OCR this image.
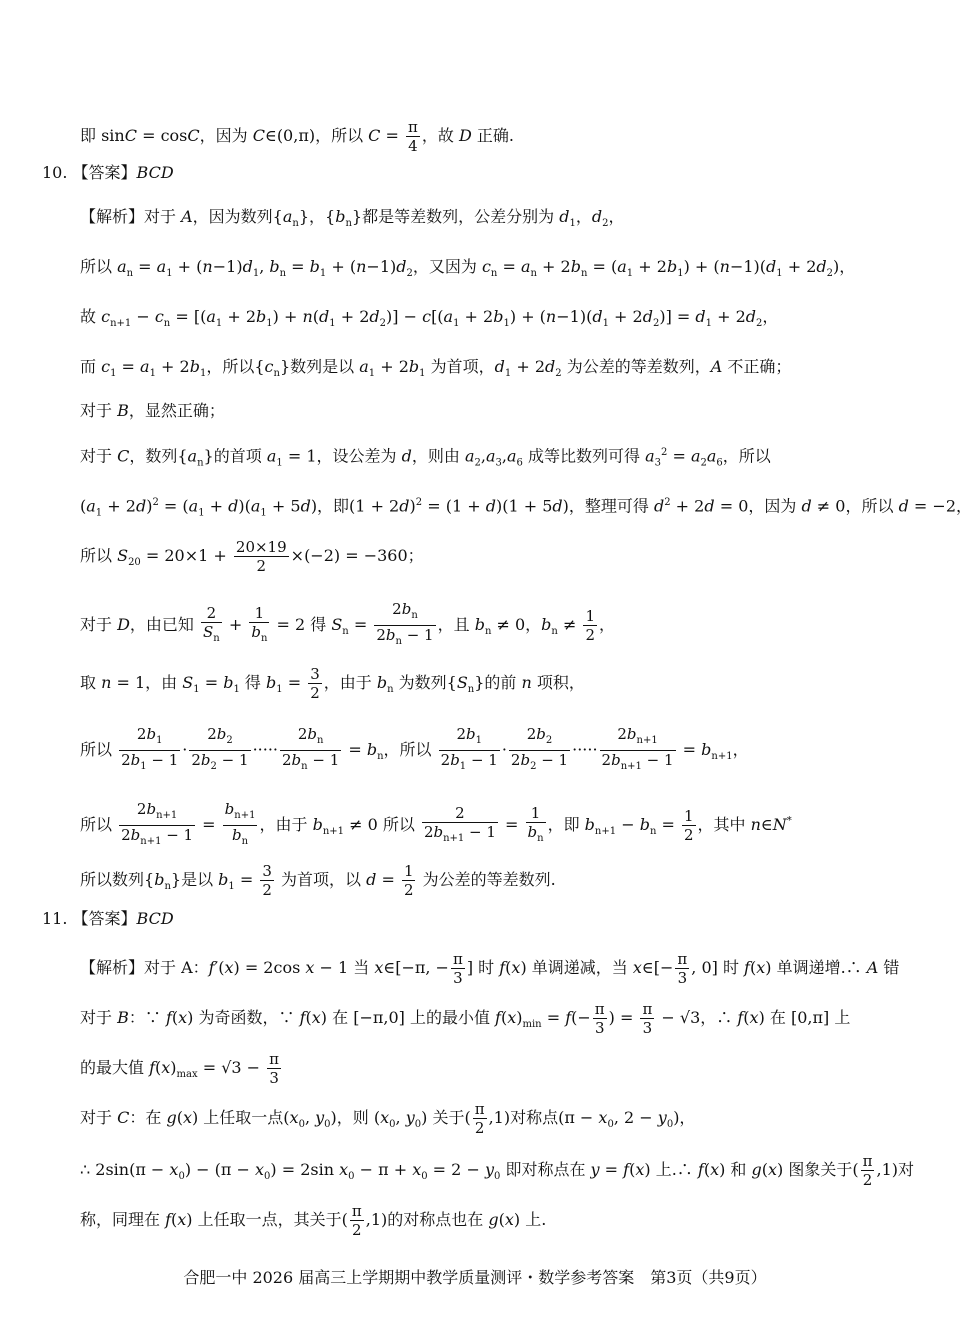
即 sinC = cosC，因为 C∈(0,π)，所以 $C = \frac{\pi}{4}$ ，故 D 正确.
10. 【答案】BCD
【解析】对于 A，因为数列$\{a_n\}$，$\{b_n\}$都是等差数列，公差分别为 $d_1$，$d_2$，
所以 $a_n = a_1 + (n-1)d_1$, $b_n = b_1 + (n-1)d_2$，又因为 $c_n = a_n + 2b_n = (a_1 + 2b_1) + (n-1)(d_1 + 2d_2)$，
故 $c_{n+1} - c_n = [(a_1 + 2b_1) + n(d_1 + 2d_2)] - c[(a_1 + 2b_1) + (n-1)(d_1 + 2d_2)] = d_1 + 2d_2$，
而 $c_1 = a_1 + 2b_1$，所以$\{c_n\}$数列是以 $a_1 + 2b_1$ 为首项，$d_1 + 2d_2$ 为公差的等差数列，A 不正确；
对于 B，显然正确；
对于 C，数列$\{a_n\}$的首项 $a_1 = 1$，设公差为 d，则由 $a_2,a_3,a_6$ 成等比数列可得 $a_3^2 = a_2a_6$，所以
$(a_1 + 2d)^2 = (a_1 + d)(a_1 + 5d)$，即$(1 + 2d)^2 = (1 + d)(1 + 5d)$，整理可得 $d^2 + 2d = 0$，因为 d ≠ 0，所以 d = −2，
所以 $S_{20} = 20\times 1 + \frac{20\times 19}{2} \times(-2) = -360$；
对于 D，由已知 $\frac{2}{S_n} + \frac{1}{b_n} = 2$ 得 $S_n = \frac{2b_n}{2b_n - 1}$ ，且 $b_n \ne 0$，$b_n \ne \frac{1}{2}$ ，
取 n = 1，由 $S_1 = b_1$ 得 $b_1 = \frac{3}{2}$ ，由于 $b_n$ 为数列$\{S_n\}$的前 n 项积，
所以 $\frac{2b_1}{2b_1 - 1} \cdot \frac{2b_2}{2b_2 - 1}$ ····· $\frac{2b_n}{2b_n - 1} = b_n$，所以 $\frac{2b_1}{2b_1 - 1} \cdot \frac{2b_2}{2b_2 - 1}$ ····· $\frac{2b_{n+1}}{2b_{n+1} - 1} = b_{n+1}$，
所以 $\frac{2b_{n+1}}{2b_{n+1} - 1} = \frac{b_{n+1}}{b_n}$ ，由于 $b_{n+1} \ne 0$ 所以 $\frac{2}{2b_{n+1} - 1} = \frac{1}{b_n}$ ，即 $b_{n+1} - b_n = \frac{1}{2}$ ，其中 n∈N*
所以数列$\{b_n\}$是以 $b_1 = \frac{3}{2}$ 为首项，以 $d = \frac{1}{2}$ 为公差的等差数列.
11. 【答案】BCD
【解析】对于 A：f′(x) = 2cos x − 1 当 x∈[−π, − $\frac{\pi}{3}$ ] 时 f(x) 单调递减，当 x∈[− $\frac{\pi}{3}$ , 0] 时 f(x) 单调递增.∴ A 错
对于 B：∵ f(x) 为奇函数，∵ f(x) 在 [−π,0] 上的最小值 $f(x)_{min} = f(- \frac{\pi}{3}$ ) = $\frac{\pi}{3} - √3$，∴ f(x) 在 [0,π] 上
的最大值 $f(x)_{max} = √3 - \frac{\pi}{3}$
对于 C：在 g(x) 上任取一点($x_0$, $y_0$)，则 ($x_0$, $y_0$) 关于( $\frac{\pi}{2} ,1$)对称点($\pi - x_0$, $2 - y_0$)，
∴ $2\sin(\pi - x_0) - (\pi - x_0) = 2\sin$ $x_0 - \pi + x_0 = 2 - y_0$ 即对称点在 y = f(x) 上.∴ f(x) 和 g(x) 图象关于( $\frac{\pi}{2} ,1$)对
称，同理在 f(x) 上任取一点，其关于( $\frac{\pi}{2} ,1$)的对称点也在 g(x) 上.
合肥一中 2026 届高三上学期期中教学质量测评・数学参考答案　第3页（共9页）
